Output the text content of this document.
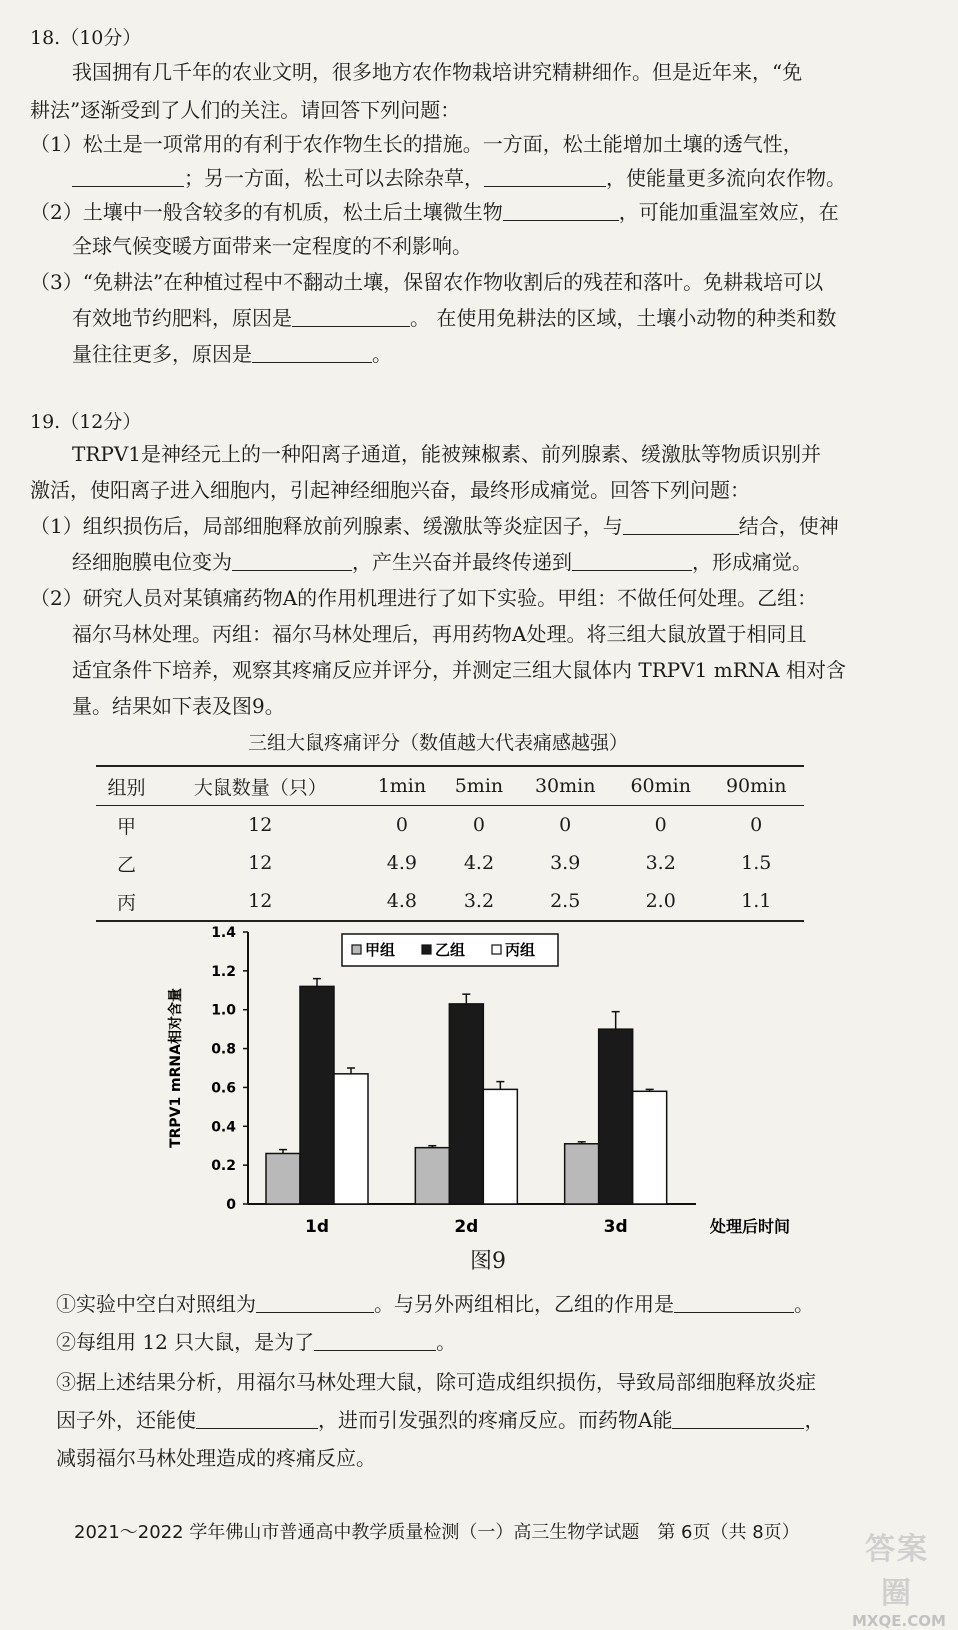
18.（10分）
我国拥有几千年的农业文明，很多地方农作物栽培讲究精耕细作。但是近年来，“免
耕法”逐渐受到了人们的关注。请回答下列问题：
（1）松土是一项常用的有利于农作物生长的措施。一方面，松土能增加土壤的透气性，
；另一方面，松土可以去除杂草，	，使能量更多流向农作物。
（2）土壤中一般含较多的有机质，松土后土壤微生物	，可能加重温室效应，在
全球气候变暖方面带来一定程度的不利影响。
（3）“免耕法”在种植过程中不翻动土壤，保留农作物收割后的残茬和落叶。免耕栽培可以
有效地节约肥料，原因是	。 在使用免耕法的区域，土壤小动物的种类和数
量往往更多，原因是	。
19.（12分）
TRPV1是神经元上的一种阳离子通道，能被辣椒素、前列腺素、缓激肽等物质识别并
激活，使阳离子进入细胞内，引起神经细胞兴奋，最终形成痛觉。回答下列问题：
（1）组织损伤后，局部细胞释放前列腺素、缓激肽等炎症因子，与	结合，使神
经细胞膜电位变为	，产生兴奋并最终传递到	，形成痛觉。
（2）研究人员对某镇痛药物A的作用机理进行了如下实验。甲组：不做任何处理。乙组：
福尔马林处理。丙组：福尔马林处理后，再用药物A处理。将三组大鼠放置于相同且
适宜条件下培养，观察其疼痛反应并评分，并测定三组大鼠体内 TRPV1 mRNA 相对含
量。结果如下表及图9。
三组大鼠疼痛评分（数值越大代表痛感越强）
组别	大鼠数量（只）	1min	5min	30min	60min	90min
甲	12	0	0	0	0	0
乙	12	4.9	4.2	3.9	3.2	1.5
丙	12	4.8	3.2	2.5	2.0	1.1
0
0.2
0.4
0.6
0.8
1.0
1.2
1.4
TRPV1 mRNA相对含量
1d	2d	3d	处理后时间
甲组	乙组	丙组
图9
①实验中空白对照组为	。与另外两组相比，乙组的作用是	。
②每组用 12 只大鼠，是为了	。
③据上述结果分析，用福尔马林处理大鼠，除可造成组织损伤，导致局部细胞释放炎症
因子外，还能使	，进而引发强烈的疼痛反应。而药物A能	，
减弱福尔马林处理造成的疼痛反应。
2021～2022 学年佛山市普通高中教学质量检测（一）高三生物学试题　第 6页（共 8页）	答案圈
MXQE.COM
